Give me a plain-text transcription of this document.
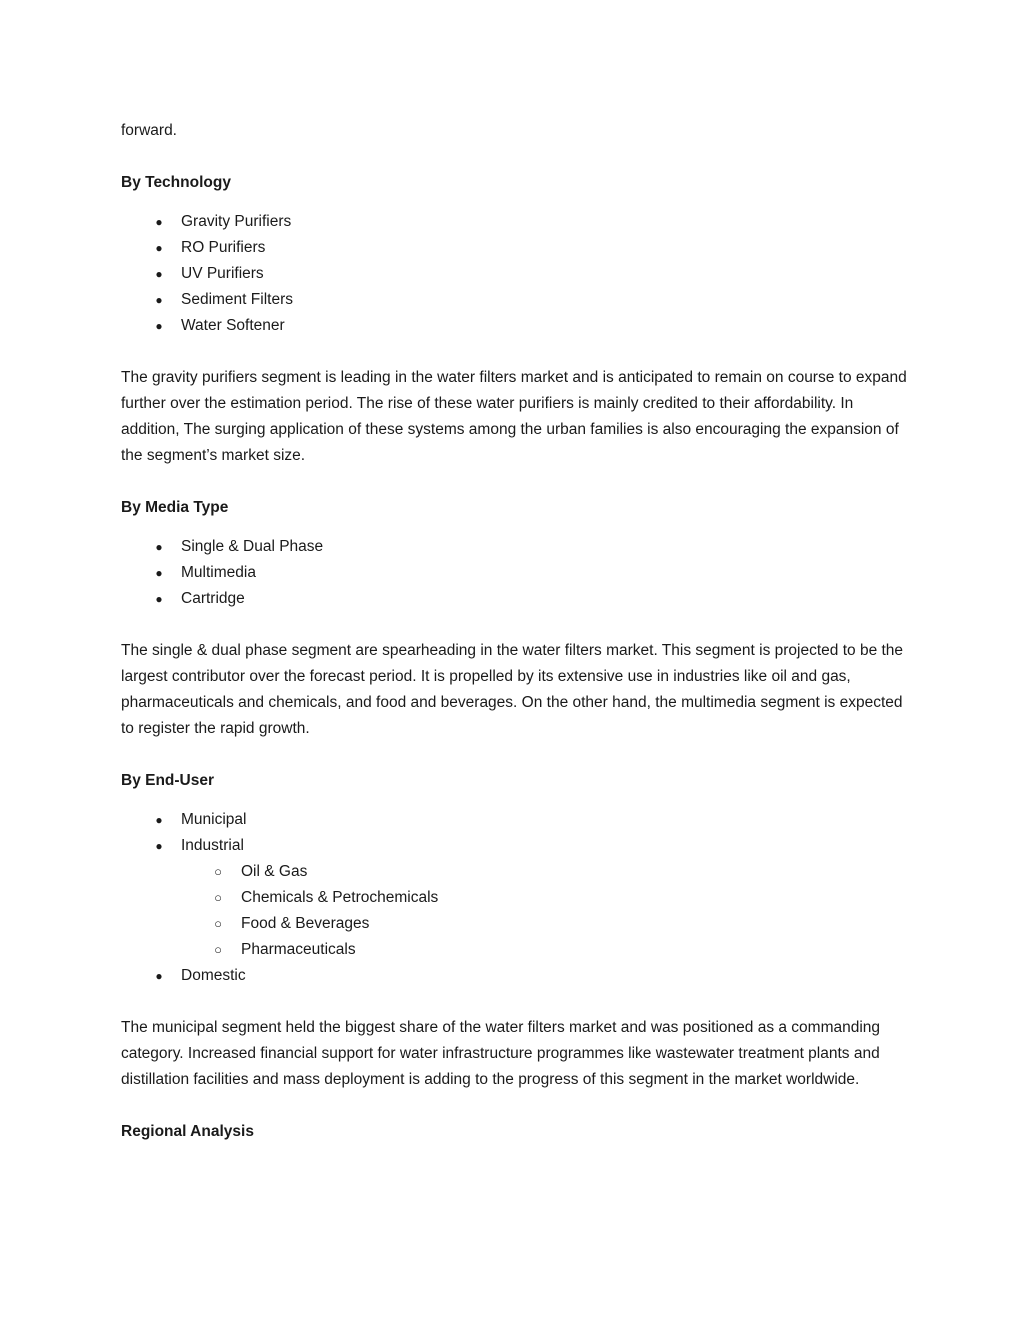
forward.

By Technology

● Gravity Purifiers
● RO Purifiers
● UV Purifiers
● Sediment Filters
● Water Softener

The gravity purifiers segment is leading in the water filters market and is anticipated to remain on course to expand further over the estimation period. The rise of these water purifiers is mainly credited to their affordability. In addition, The surging application of these systems among the urban families is also encouraging the expansion of the segment’s market size.

By Media Type

● Single & Dual Phase
● Multimedia
● Cartridge

The single & dual phase segment are spearheading in the water filters market. This segment is projected to be the largest contributor over the forecast period. It is propelled by its extensive use in industries like oil and gas, pharmaceuticals and chemicals, and food and beverages. On the other hand, the multimedia segment is expected to register the rapid growth.

By End-User

● Municipal
● Industrial
○ Oil & Gas
○ Chemicals & Petrochemicals
○ Food & Beverages
○ Pharmaceuticals
● Domestic

The municipal segment held the biggest share of the water filters market and was positioned as a commanding category. Increased financial support for water infrastructure programmes like wastewater treatment plants and distillation facilities and mass deployment is adding to the progress of this segment in the market worldwide.

Regional Analysis
